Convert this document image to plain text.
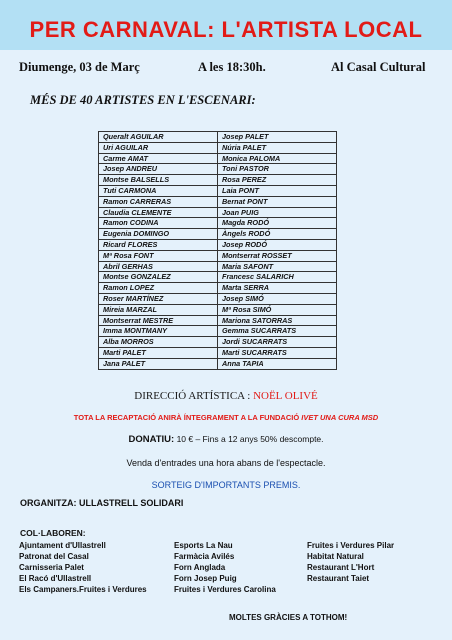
PER CARNAVAL: L'ARTISTA LOCAL
Diumenge, 03 de Març	A les 18:30h.	Al Casal Cultural
MÉS DE 40 ARTISTES EN L'ESCENARI:
Queralt AGUILAR	Josep PALET
Uri AGUILAR	Núria PALET
Carme AMAT	Monica PALOMA
Josep ANDREU	Toni PASTOR
Montse BALSELLS	Rosa PEREZ
Tuti CARMONA	Laia PONT
Ramon CARRERAS	Bernat PONT
Claudia CLEMENTE	Joan PUIG
Ramon CODINA	Magda RODÓ
Eugenia DOMINGO	Àngels RODÓ
Ricard FLORES	Josep RODÓ
Mª Rosa FONT	Montserrat ROSSET
Abril GERHAS	Maria SAFONT
Montse GONZALEZ	Francesc SALARICH
Ramon LOPEZ	Marta SERRA
Roser MARTÍNEZ	Josep SIMÓ
Mireia MARZAL	Mª Rosa SIMÓ
Montserrat MESTRE	Mariona SATORRAS
Imma MONTMANY	Gemma SUCARRATS
Alba MORROS	Jordi SUCARRATS
Marti PALET	Marti SUCARRATS
Jana PALET	Anna TAPIA
DIRECCIÓ ARTÍSTICA : NOËL OLIVÉ
TOTA LA RECAPTACIÓ ANIRÀ ÍNTEGRAMENT A LA FUNDACIÓ IVET UNA CURA MSD
DONATIU: 10 € – Fins a 12 anys 50% descompte.
Venda d'entrades una hora abans de l'espectacle.
SORTEIG D'IMPORTANTS PREMIS.
ORGANITZA: ULLASTRELL SOLIDARI
COL·LABOREN:
Ajuntament d'Ullastrell
Patronat del Casal
Carnisseria Palet
El Racó d'Ullastrell
Els Campaners.Fruites i Verdures
Esports La Nau
Farmàcia Avilés
Forn Anglada
Forn Josep Puig
Fruites i Verdures Carolina
Fruites i Verdures Pilar
Habitat Natural
Restaurant L'Hort
Restaurant Taiet
MOLTES GRÀCIES A TOTHOM!
